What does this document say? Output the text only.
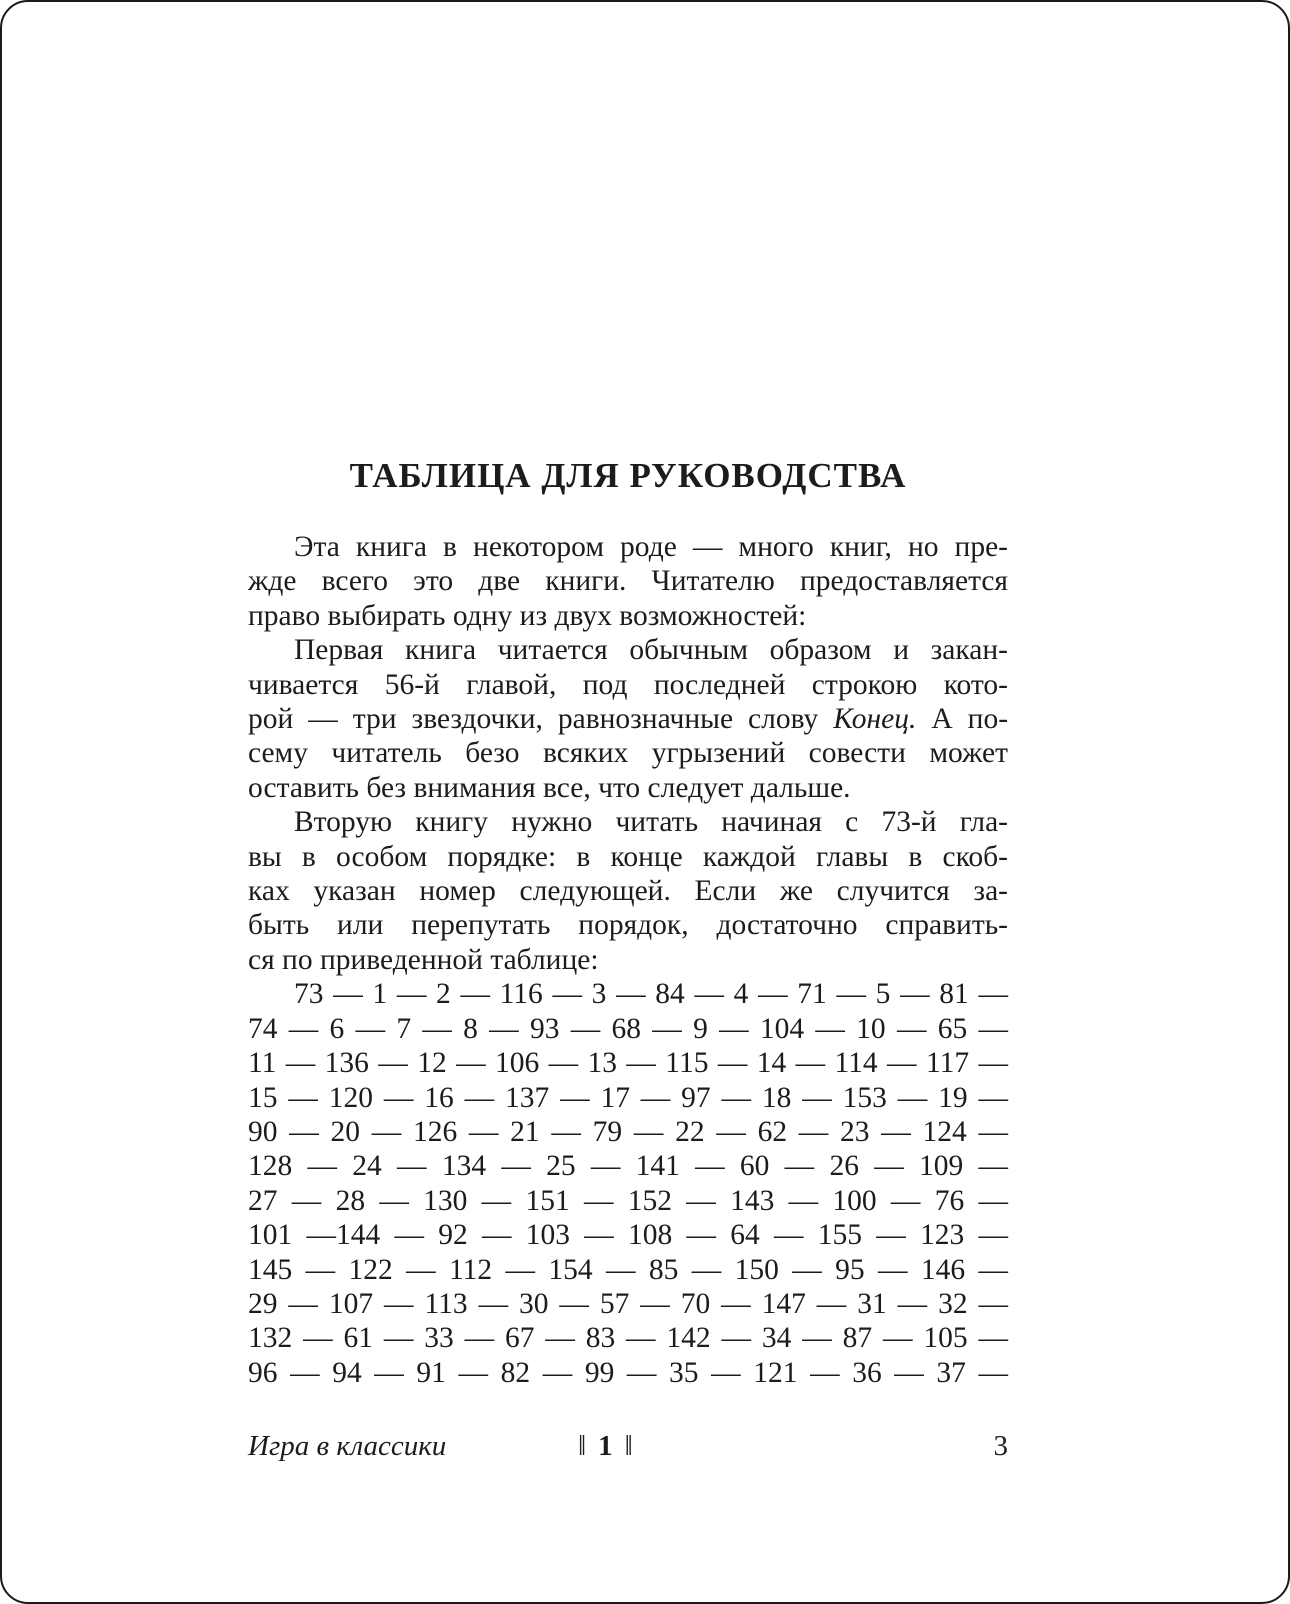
ТАБЛИЦА ДЛЯ РУКОВОДСТВА
Эта книга в некотором роде — много книг, но пре-
жде всего это две книги. Читателю предоставляется
право выбирать одну из двух возможностей:
Первая книга читается обычным образом и закан-
чивается 56-й главой, под последней строкою кото-
рой — три звездочки, равнозначные слову Конец. А по-
сему читатель безо всяких угрызений совести может
оставить без внимания все, что следует дальше.
Вторую книгу нужно читать начиная с 73-й гла-
вы в особом порядке: в конце каждой главы в скоб-
ках указан номер следующей. Если же случится за-
быть или перепутать порядок, достаточно справить-
ся по приведенной таблице:
73 — 1 — 2 — 116 — 3 — 84 — 4 — 71 — 5 — 81 —
74 — 6 — 7 — 8 — 93 — 68 — 9 — 104 — 10 — 65 —
11 — 136 — 12 — 106 — 13 — 115 — 14 — 114 — 117 —
15 — 120 — 16 — 137 — 17 — 97 — 18 — 153 — 19 —
90 — 20 — 126 — 21 — 79 — 22 — 62 — 23 — 124 —
128 — 24 — 134 — 25 — 141 — 60 — 26 — 109 —
27 — 28 — 130 — 151 — 152 — 143 — 100 — 76 —
101 —144 — 92 — 103 — 108 — 64 — 155 — 123 —
145 — 122 — 112 — 154 — 85 — 150 — 95 — 146 —
29 — 107 — 113 — 30 — 57 — 70 — 147 — 31 — 32 —
132 — 61 — 33 — 67 — 83 — 142 — 34 — 87 — 105 —
96 — 94 — 91 — 82 — 99 — 35 — 121 — 36 — 37 —
Игра в классики	‖ 1 ‖	3
